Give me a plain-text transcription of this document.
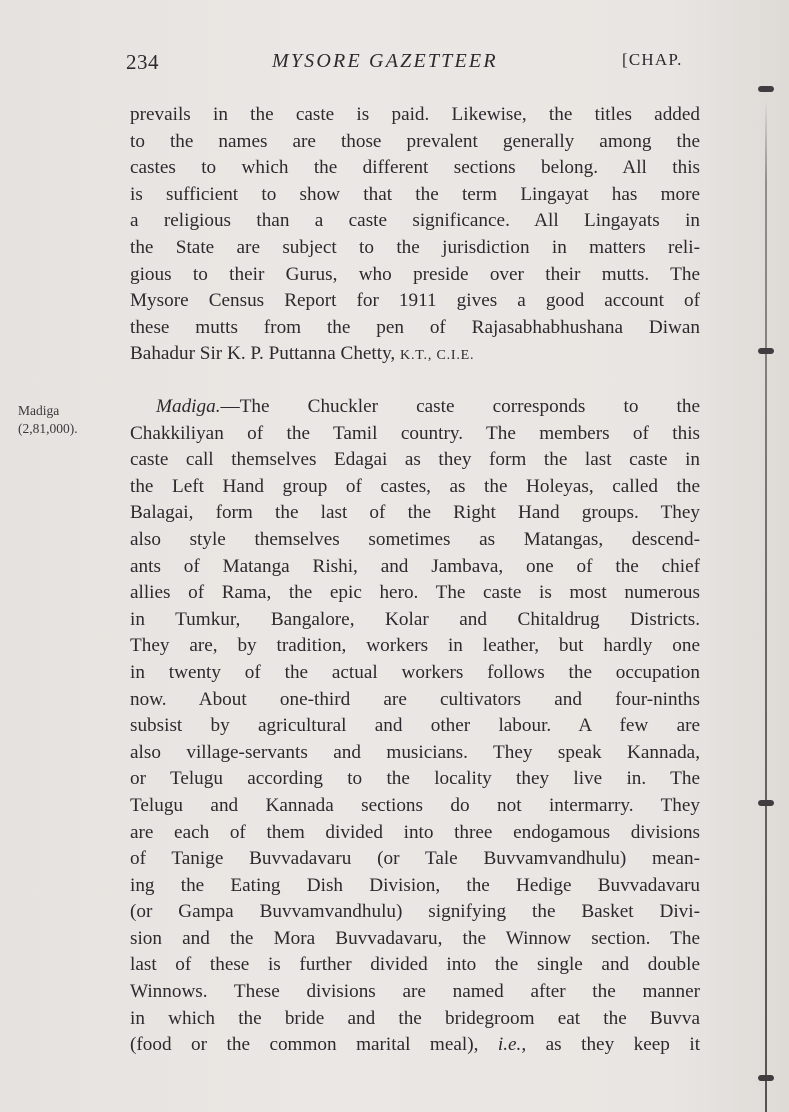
234	MYSORE GAZETTEER	[CHAP.
prevails in the caste is paid. Likewise, the titles added
to the names are those prevalent generally among the
castes to which the different sections belong. All this
is sufficient to show that the term Lingayat has more
a religious than a caste significance. All Lingayats in
the State are subject to the jurisdiction in matters reli-
gious to their Gurus, who preside over their mutts. The
Mysore Census Report for 1911 gives a good account of
these mutts from the pen of Rajasabhabhushana Diwan
Bahadur Sir K. P. Puttanna Chetty, K.T., C.I.E.
Madiga
(2,81,000).
Madiga.—The Chuckler caste corresponds to the
Chakkiliyan of the Tamil country. The members of this
caste call themselves Edagai as they form the last caste in
the Left Hand group of castes, as the Holeyas, called the
Balagai, form the last of the Right Hand groups. They
also style themselves sometimes as Matangas, descend-
ants of Matanga Rishi, and Jambava, one of the chief
allies of Rama, the epic hero. The caste is most numerous
in Tumkur, Bangalore, Kolar and Chitaldrug Districts.
They are, by tradition, workers in leather, but hardly one
in twenty of the actual workers follows the occupation
now. About one-third are cultivators and four-ninths
subsist by agricultural and other labour. A few are
also village-servants and musicians. They speak Kannada,
or Telugu according to the locality they live in. The
Telugu and Kannada sections do not intermarry. They
are each of them divided into three endogamous divisions
of Tanige Buvvadavaru (or Tale Buvvamvandhulu) mean-
ing the Eating Dish Division, the Hedige Buvvadavaru
(or Gampa Buvvamvandhulu) signifying the Basket Divi-
sion and the Mora Buvvadavaru, the Winnow section. The
last of these is further divided into the single and double
Winnows. These divisions are named after the manner
in which the bride and the bridegroom eat the Buvva
(food or the common marital meal), i.e., as they keep it
